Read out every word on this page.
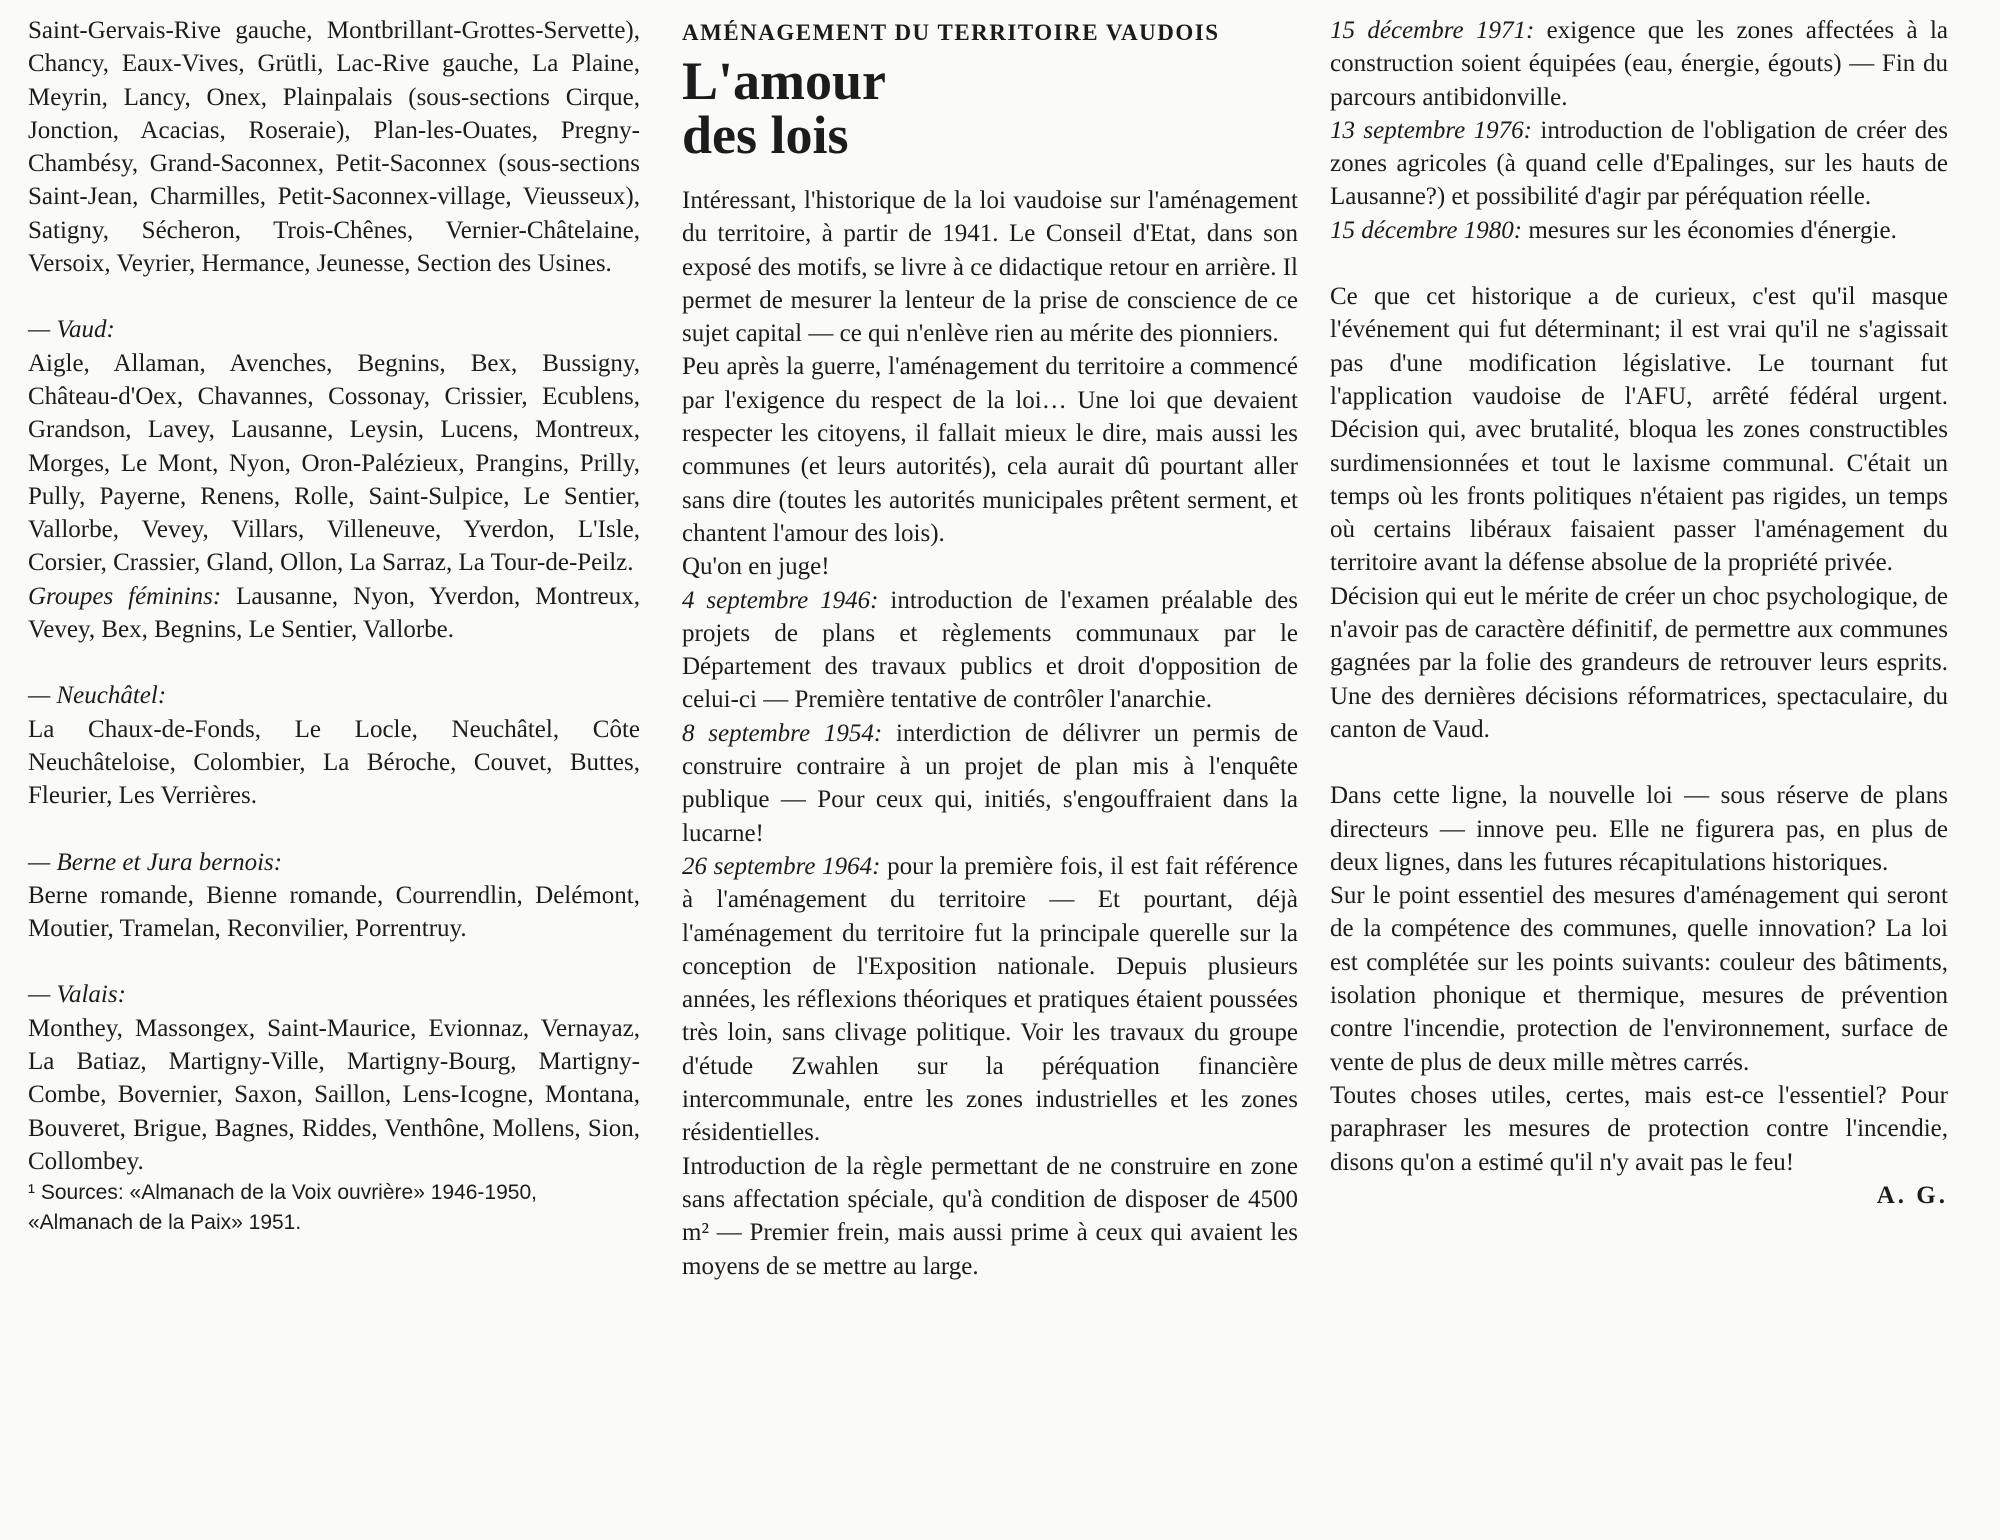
Saint-Gervais-Rive gauche, Montbrillant-Grottes-Servette), Chancy, Eaux-Vives, Grütli, Lac-Rive gauche, La Plaine, Meyrin, Lancy, Onex, Plainpalais (sous-sections Cirque, Jonction, Acacias, Roseraie), Plan-les-Ouates, Pregny-Chambésy, Grand-Saconnex, Petit-Saconnex (sous-sections Saint-Jean, Charmilles, Petit-Saconnex-village, Vieusseux), Satigny, Sécheron, Trois-Chênes, Vernier-Châtelaine, Versoix, Veyrier, Hermance, Jeunesse, Section des Usines.

— Vaud:

Aigle, Allaman, Avenches, Begnins, Bex, Bussigny, Château-d'Oex, Chavannes, Cossonay, Crissier, Ecublens, Grandson, Lavey, Lausanne, Leysin, Lucens, Montreux, Morges, Le Mont, Nyon, Oron-Palézieux, Prangins, Prilly, Pully, Payerne, Renens, Rolle, Saint-Sulpice, Le Sentier, Vallorbe, Vevey, Villars, Villeneuve, Yverdon, L'Isle, Corsier, Crassier, Gland, Ollon, La Sarraz, La Tour-de-Peilz.

Groupes féminins: Lausanne, Nyon, Yverdon, Montreux, Vevey, Bex, Begnins, Le Sentier, Vallorbe.

— Neuchâtel:

La Chaux-de-Fonds, Le Locle, Neuchâtel, Côte Neuchâteloise, Colombier, La Béroche, Couvet, Buttes, Fleurier, Les Verrières.

— Berne et Jura bernois:

Berne romande, Bienne romande, Courrendlin, Delémont, Moutier, Tramelan, Reconvilier, Porrentruy.

— Valais:

Monthey, Massongex, Saint-Maurice, Evionnaz, Vernayaz, La Batiaz, Martigny-Ville, Martigny-Bourg, Martigny-Combe, Bovernier, Saxon, Saillon, Lens-Icogne, Montana, Bouveret, Brigue, Bagnes, Riddes, Venthône, Mollens, Sion, Collombey.

¹ Sources: «Almanach de la Voix ouvrière» 1946-1950, «Almanach de la Paix» 1951.

AMÉNAGEMENT DU TERRITOIRE VAUDOIS

L'amour
des lois

Intéressant, l'historique de la loi vaudoise sur l'aménagement du territoire, à partir de 1941. Le Conseil d'Etat, dans son exposé des motifs, se livre à ce didactique retour en arrière. Il permet de mesurer la lenteur de la prise de conscience de ce sujet capital — ce qui n'enlève rien au mérite des pionniers.

Peu après la guerre, l'aménagement du territoire a commencé par l'exigence du respect de la loi… Une loi que devaient respecter les citoyens, il fallait mieux le dire, mais aussi les communes (et leurs autorités), cela aurait dû pourtant aller sans dire (toutes les autorités municipales prêtent serment, et chantent l'amour des lois).

Qu'on en juge!

4 septembre 1946: introduction de l'examen préalable des projets de plans et règlements communaux par le Département des travaux publics et droit d'opposition de celui-ci — Première tentative de contrôler l'anarchie.

8 septembre 1954: interdiction de délivrer un permis de construire contraire à un projet de plan mis à l'enquête publique — Pour ceux qui, initiés, s'engouffraient dans la lucarne!

26 septembre 1964: pour la première fois, il est fait référence à l'aménagement du territoire — Et pourtant, déjà l'aménagement du territoire fut la principale querelle sur la conception de l'Exposition nationale. Depuis plusieurs années, les réflexions théoriques et pratiques étaient poussées très loin, sans clivage politique. Voir les travaux du groupe d'étude Zwahlen sur la péréquation financière intercommunale, entre les zones industrielles et les zones résidentielles.

Introduction de la règle permettant de ne construire en zone sans affectation spéciale, qu'à condition de disposer de 4500 m² — Premier frein, mais aussi prime à ceux qui avaient les moyens de se mettre au large.

15 décembre 1971: exigence que les zones affectées à la construction soient équipées (eau, énergie, égouts) — Fin du parcours antibidonville.

13 septembre 1976: introduction de l'obligation de créer des zones agricoles (à quand celle d'Epalinges, sur les hauts de Lausanne?) et possibilité d'agir par péréquation réelle.

15 décembre 1980: mesures sur les économies d'énergie.

Ce que cet historique a de curieux, c'est qu'il masque l'événement qui fut déterminant; il est vrai qu'il ne s'agissait pas d'une modification législative. Le tournant fut l'application vaudoise de l'AFU, arrêté fédéral urgent. Décision qui, avec brutalité, bloqua les zones constructibles surdimensionnées et tout le laxisme communal. C'était un temps où les fronts politiques n'étaient pas rigides, un temps où certains libéraux faisaient passer l'aménagement du territoire avant la défense absolue de la propriété privée.

Décision qui eut le mérite de créer un choc psychologique, de n'avoir pas de caractère définitif, de permettre aux communes gagnées par la folie des grandeurs de retrouver leurs esprits. Une des dernières décisions réformatrices, spectaculaire, du canton de Vaud.

Dans cette ligne, la nouvelle loi — sous réserve de plans directeurs — innove peu. Elle ne figurera pas, en plus de deux lignes, dans les futures récapitulations historiques.

Sur le point essentiel des mesures d'aménagement qui seront de la compétence des communes, quelle innovation? La loi est complétée sur les points suivants: couleur des bâtiments, isolation phonique et thermique, mesures de prévention contre l'incendie, protection de l'environnement, surface de vente de plus de deux mille mètres carrés.

Toutes choses utiles, certes, mais est-ce l'essentiel? Pour paraphraser les mesures de protection contre l'incendie, disons qu'on a estimé qu'il n'y avait pas le feu!

A. G.
